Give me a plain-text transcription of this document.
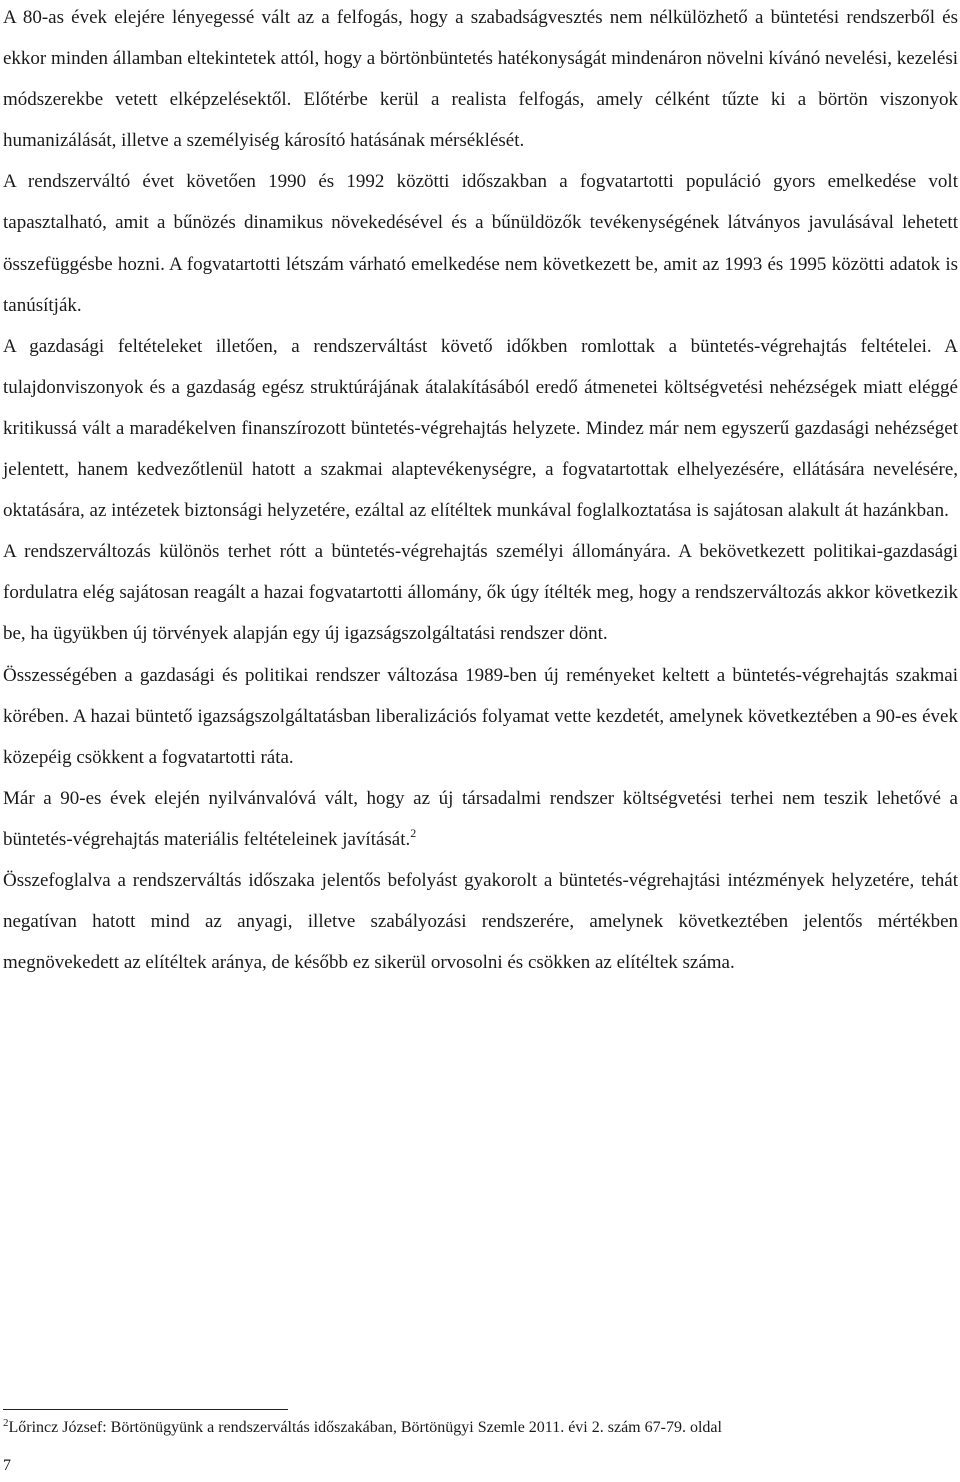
A 80-as évek elejére lényegessé vált az a felfogás, hogy a szabadságvesztés nem nélkülözhető a büntetési rendszerből és ekkor minden államban eltekintetek attól, hogy a börtönbüntetés hatékonyságát mindenáron növelni kívánó nevelési, kezelési módszerekbe vetett elképzelésektől. Előtérbe kerül a realista felfogás, amely célként tűzte ki a börtön viszonyok humanizálását, illetve a személyiség károsító hatásának mérséklését.

A rendszerváltó évet követően 1990 és 1992 közötti időszakban a fogvatartotti populáció gyors emelkedése volt tapasztalható, amit a bűnözés dinamikus növekedésével és a bűnüldözők tevékenységének látványos javulásával lehetett összefüggésbe hozni. A fogvatartotti létszám várható emelkedése nem következett be, amit az 1993 és 1995 közötti adatok is tanúsítják.

A gazdasági feltételeket illetően, a rendszerváltást követő időkben romlottak a büntetés-végrehajtás feltételei. A tulajdonviszonyok és a gazdaság egész struktúrájának átalakításából eredő átmenetei költségvetési nehézségek miatt eléggé kritikussá vált a maradékelven finanszírozott büntetés-végrehajtás helyzete. Mindez már nem egyszerű gazdasági nehézséget jelentett, hanem kedvezőtlenül hatott a szakmai alaptevékenységre, a fogvatartottak elhelyezésére, ellátására nevelésére, oktatására, az intézetek biztonsági helyzetére, ezáltal az elítéltek munkával foglalkoztatása is sajátosan alakult át hazánkban.

A rendszerváltozás különös terhet rótt a büntetés-végrehajtás személyi állományára. A bekövetkezett politikai-gazdasági fordulatra elég sajátosan reagált a hazai fogvatartotti állomány, ők úgy ítélték meg, hogy a rendszerváltozás akkor következik be, ha ügyükben új törvények alapján egy új igazságszolgáltatási rendszer dönt.

Összességében a gazdasági és politikai rendszer változása 1989-ben új reményeket keltett a büntetés-végrehajtás szakmai körében. A hazai büntető igazságszolgáltatásban liberalizációs folyamat vette kezdetét, amelynek következtében a 90-es évek közepéig csökkent a fogvatartotti ráta.

Már a 90-es évek elején nyilvánvalóvá vált, hogy az új társadalmi rendszer költségvetési terhei nem teszik lehetővé a büntetés-végrehajtás materiális feltételeinek javítását.$^2$

Összefoglalva a rendszerváltás időszaka jelentős befolyást gyakorolt a büntetés-végrehajtási intézmények helyzetére, tehát negatívan hatott mind az anyagi, illetve szabályozási rendszerére, amelynek következtében jelentős mértékben megnövekedett az elítéltek aránya, de később ez sikerül orvosolni és csökken az elítéltek száma.

$^2$Lőrincz József: Börtönügyünk a rendszerváltás időszakában, Börtönügyi Szemle 2011. évi 2. szám 67-79. oldal
7
